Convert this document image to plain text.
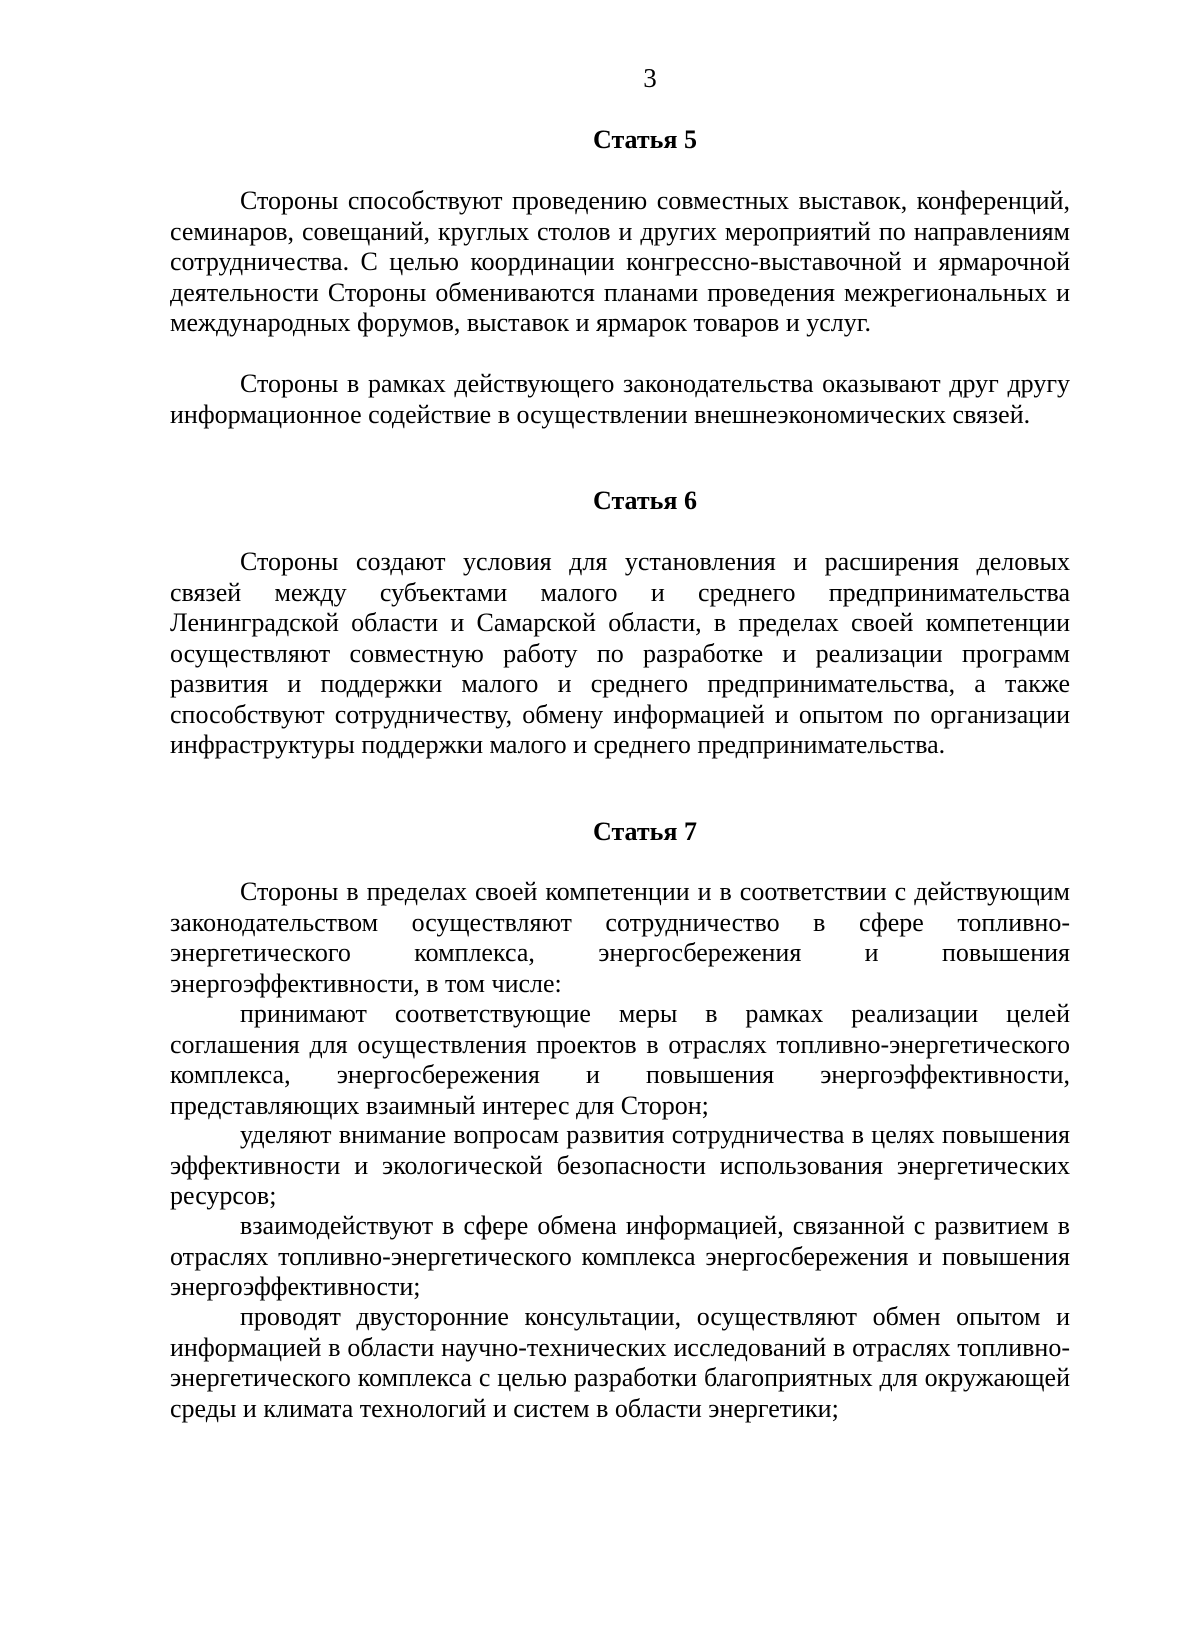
3
Статья 5

Стороны способствуют проведению совместных выставок, конференций, семинаров, совещаний, круглых столов и других мероприятий по направлениям сотрудничества. С целью координации конгрессно-выставочной и ярмарочной деятельности Стороны обмениваются планами проведения межрегиональных и международных форумов, выставок и ярмарок товаров и услуг.

Стороны в рамках действующего законодательства оказывают друг другу информационное содействие в осуществлении внешнеэкономических связей.

Статья 6

Стороны создают условия для установления и расширения деловых связей между субъектами малого и среднего предпринимательства Ленинградской области и Самарской области, в пределах своей компетенции осуществляют совместную работу по разработке и реализации программ развития и поддержки малого и среднего предпринимательства, а также способствуют сотрудничеству, обмену информацией и опытом по организации инфраструктуры поддержки малого и среднего предпринимательства.

Статья 7

Стороны в пределах своей компетенции и в соответствии с действующим законодательством осуществляют сотрудничество в сфере топливно-энергетического комплекса, энергосбережения и повышения энергоэффективности, в том числе:

принимают соответствующие меры в рамках реализации целей соглашения для осуществления проектов в отраслях топливно-энергетического комплекса, энергосбережения и повышения энергоэффективности, представляющих взаимный интерес для Сторон;

уделяют внимание вопросам развития сотрудничества в целях повышения эффективности и экологической безопасности использования энергетических ресурсов;

взаимодействуют в сфере обмена информацией, связанной с развитием в отраслях топливно-энергетического комплекса энергосбережения и повышения энергоэффективности;

проводят двусторонние консультации, осуществляют обмен опытом и информацией в области научно-технических исследований в отраслях топливно-энергетического комплекса с целью разработки благоприятных для окружающей среды и климата технологий и систем в области энергетики;
